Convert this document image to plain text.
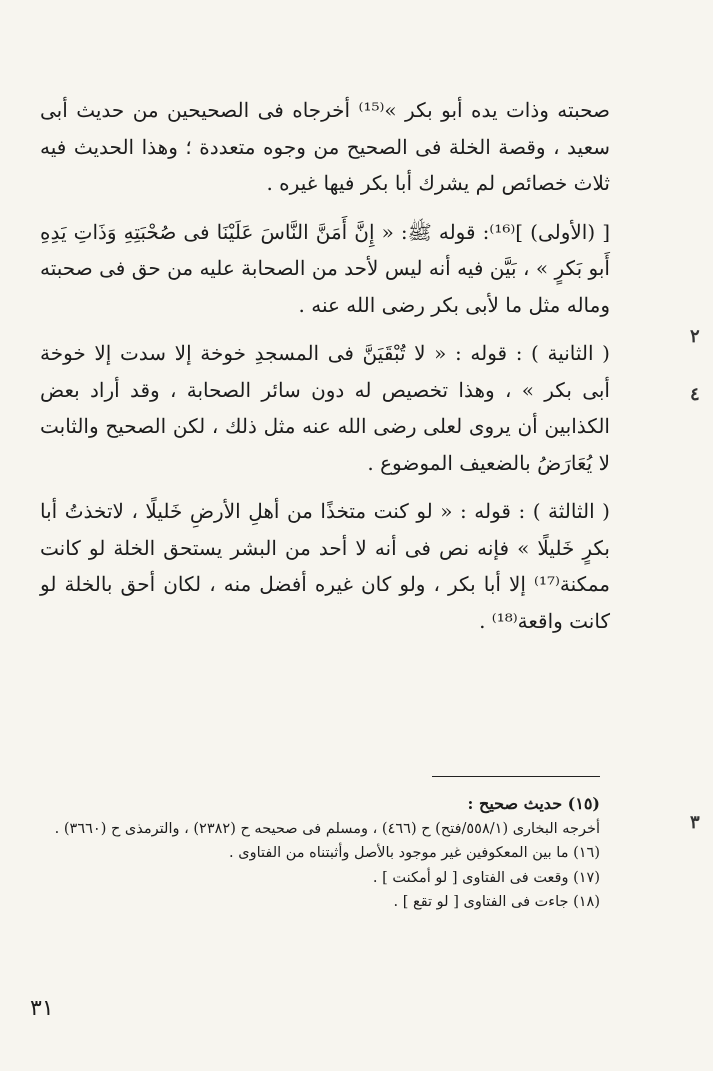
صحبته وذات يده أبو بكر »⁽¹⁵⁾ أخرجاه فى الصحيحين من حديث أبى سعيد ، وقصة الخلة فى الصحيح من وجوه متعددة ؛ وهذا الحديث فيه ثلاث خصائص لم يشرك أبا بكر فيها غيره .

[ (الأولى) ]⁽¹⁶⁾: قوله ﷺ: « إِنَّ أَمَنَّ النَّاسَ عَلَيْنَا فى صُحْبَتِهِ وَذَاتِ يَدِهِ أَبو بَكرٍ » ، بَيَّن فيه أنه ليس لأحد من الصحابة عليه من حق فى صحبته وماله مثل ما لأبى بكر رضى الله عنه .

( الثانية ) : قوله : « لا تُبْقَيَنَّ فى المسجدِ خوخة إلا سدت إلا خوخة أبى بكر » ، وهذا تخصيص له دون سائر الصحابة ، وقد أراد بعض الكذابين أن يروى لعلى رضى الله عنه مثل ذلك ، لكن الصحيح والثابت لا يُعَارَضُ بالضعيف الموضوع .

( الثالثة ) : قوله : « لو كنت متخذًا من أهلِ الأرضِ خَليلًا ، لاتخذتُ أبا بكرٍ خَليلًا » فإنه نص فى أنه لا أحد من البشر يستحق الخلة لو كانت ممكنة⁽¹⁷⁾ إلا أبا بكر ، ولو كان غيره أفضل منه ، لكان أحق بالخلة لو كانت واقعة⁽¹⁸⁾ .

(١٥) حديث صحيح :

أخرجه البخارى (٥٥٨/١/فتح) ح (٤٦٦) ، ومسلم فى صحيحه ح (٢٣٨٢) ، والترمذى ح (٣٦٦٠) .

(١٦) ما بين المعكوفين غير موجود بالأصل وأثبتناه من الفتاوى .

(١٧) وقعت فى الفتاوى [ لو أمكنت ] .

(١٨) جاءت فى الفتاوى [ لو تقع ] .

٣١
٢
٤
٣
